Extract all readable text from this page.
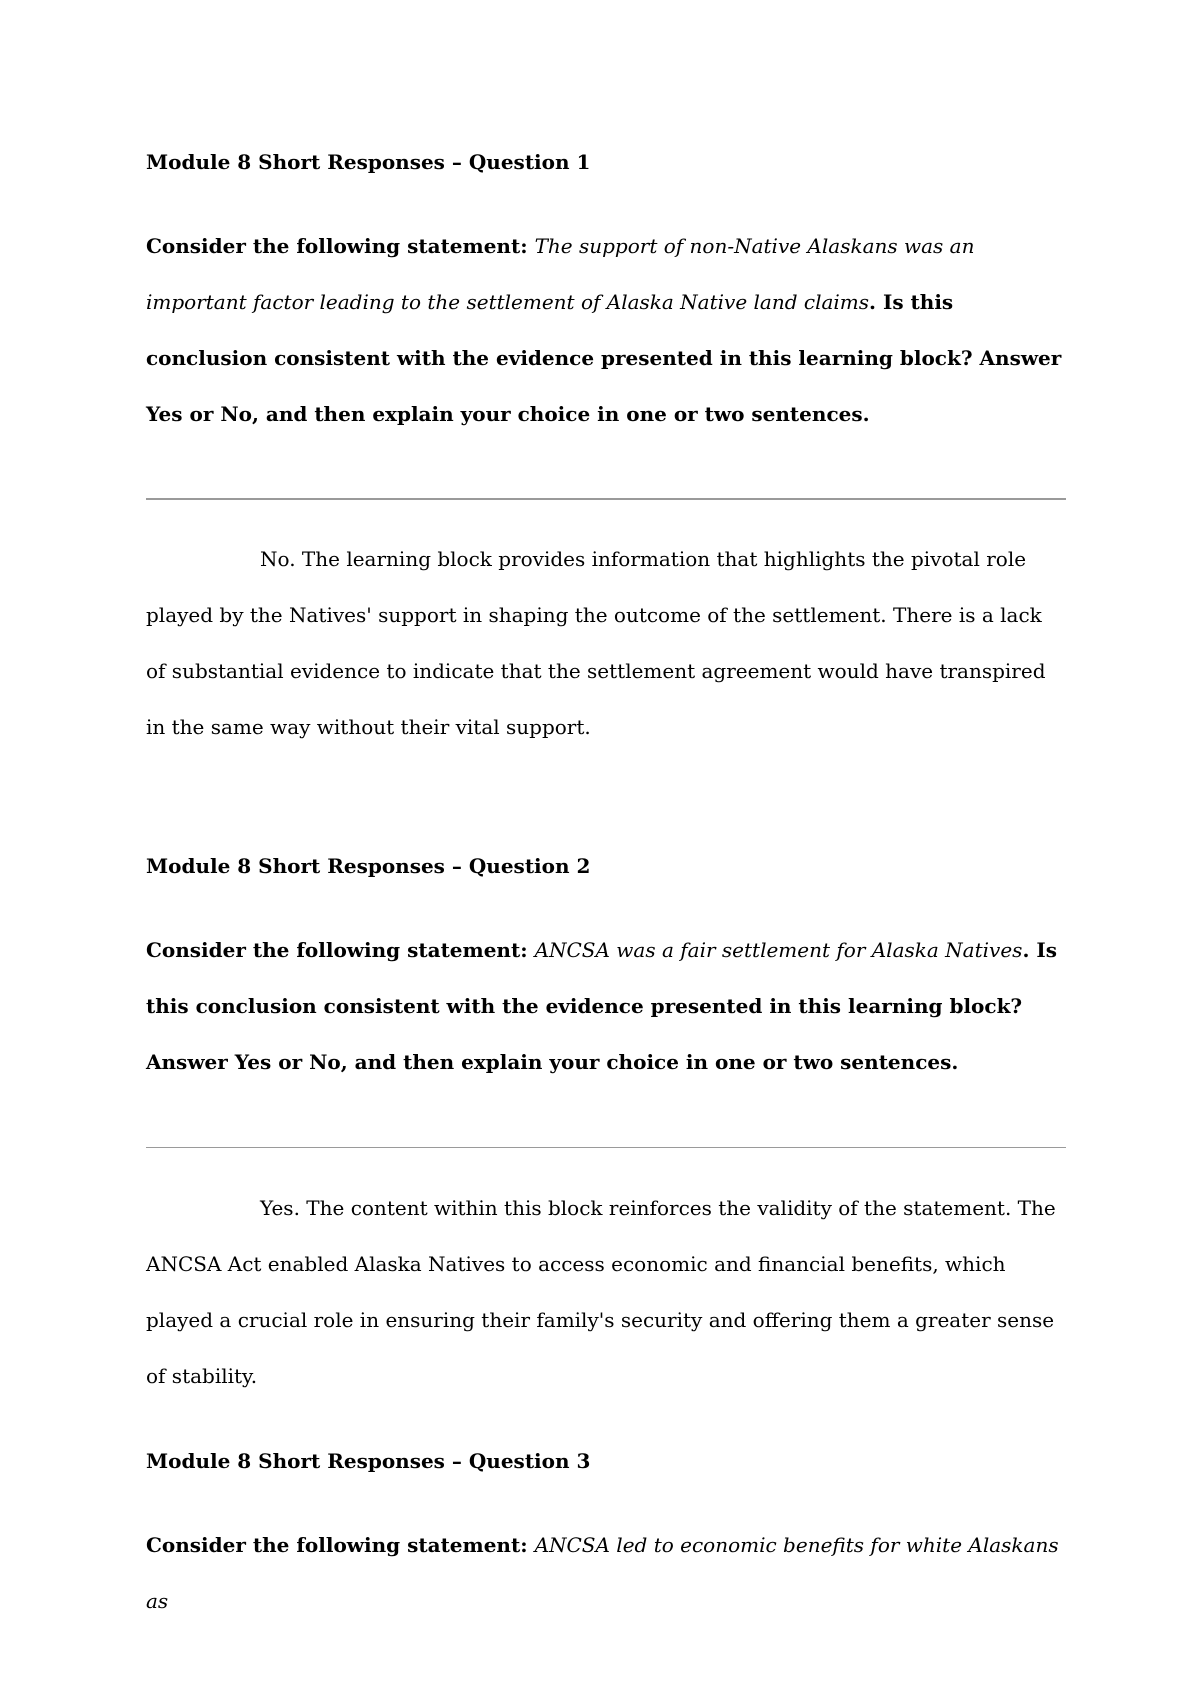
Module 8 Short Responses – Question 1
Consider the following statement: The support of non-Native Alaskans was an important factor leading to the settlement of Alaska Native land claims. Is this conclusion consistent with the evidence presented in this learning block? Answer Yes or No, and then explain your choice in one or two sentences.
No. The learning block provides information that highlights the pivotal role played by the Natives' support in shaping the outcome of the settlement. There is a lack of substantial evidence to indicate that the settlement agreement would have transpired in the same way without their vital support.
Module 8 Short Responses – Question 2
Consider the following statement: ANCSA was a fair settlement for Alaska Natives. Is this conclusion consistent with the evidence presented in this learning block? Answer Yes or No, and then explain your choice in one or two sentences.
Yes. The content within this block reinforces the validity of the statement. The ANCSA Act enabled Alaska Natives to access economic and financial benefits, which played a crucial role in ensuring their family's security and offering them a greater sense of stability.
Module 8 Short Responses – Question 3
Consider the following statement: ANCSA led to economic benefits for white Alaskans as
